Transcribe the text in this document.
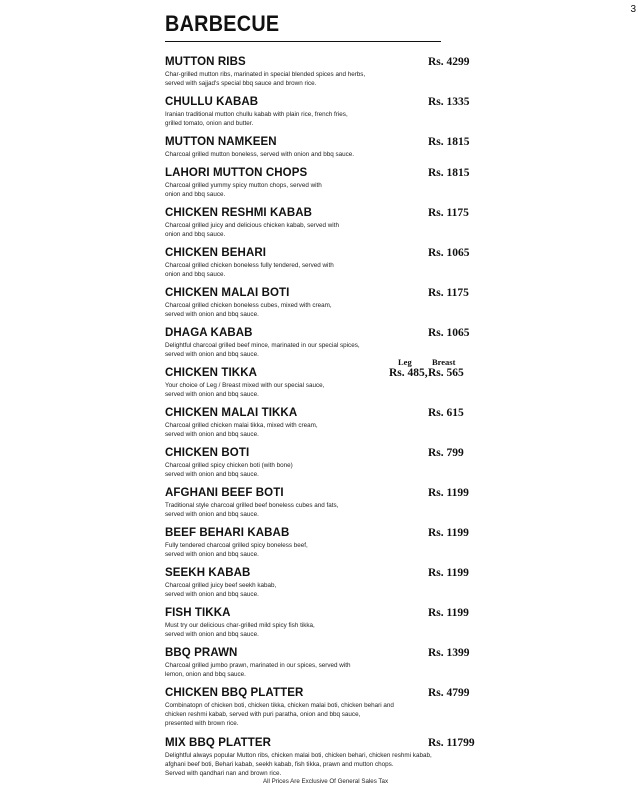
3
BARBECUE
Leg Breast
MUTTON RIBS
Char-grilled mutton ribs, marinated in special blended spices and herbs,
served with sajjad's special bbq sauce and brown rice.
Rs. 4299
CHULLU KABAB
Iranian traditional mutton chullu kabab with plain rice, french fries,
grilled tomato, onion and butter.
Rs. 1335
MUTTON NAMKEEN
Charcoal grilled mutton boneless, served with onion and bbq sauce.
Rs. 1815
LAHORI MUTTON CHOPS
Charcoal grilled yummy spicy mutton chops, served with
onion and bbq sauce.
Rs. 1815
CHICKEN RESHMI KABAB
Charcoal grilled juicy and delicious chicken kabab, served with
onion and bbq sauce.
Rs. 1175
CHICKEN BEHARI
Charcoal grilled chicken boneless fully tendered, served with
onion and bbq sauce.
Rs. 1065
CHICKEN MALAI BOTI
Charcoal grilled chicken boneless cubes, mixed with cream,
served with onion and bbq sauce.
Rs. 1175
DHAGA KABAB
Delightful charcoal grilled beef mince, marinated in our special spices,
served with onion and bbq sauce.
Rs. 1065
CHICKEN TIKKA
Your choice of Leg / Breast mixed with our special sauce,
served with onion and bbq sauce.
Rs. 565
Rs. 485,
CHICKEN MALAI TIKKA
Charcoal grilled chicken malai tikka, mixed with cream,
served with onion and bbq sauce.
Rs. 615
CHICKEN BOTI
Charcoal grilled spicy chicken boti (with bone)
served with onion and bbq sauce.
Rs. 799
AFGHANI BEEF BOTI
Traditional style charcoal grilled beef boneless cubes and fats,
served with onion and bbq sauce.
Rs. 1199
BEEF BEHARI KABAB
Fully tendered charcoal grilled spicy boneless beef,
served with onion and bbq sauce.
Rs. 1199
SEEKH KABAB
Charcoal grilled juicy beef seekh kabab,
served with onion and bbq sauce.
Rs. 1199
FISH TIKKA
Must try our delicious char-grilled mild spicy fish tikka,
served with onion and bbq sauce.
Rs. 1199
BBQ PRAWN
Charcoal grilled jumbo prawn, marinated in our spices, served with
lemon, onion and bbq sauce.
Rs. 1399
CHICKEN BBQ PLATTER
Combinatopn of chicken boti, chicken tikka, chicken malai boti, chicken behari and
chicken reshmi kabab, served with puri paratha, onion and bbq sauce,
presented with brown rice.
Rs. 4799
MIX BBQ PLATTER
Delightful always popular Mutton ribs, chicken malai boti, chicken behari, chicken reshmi kabab,
afghani beef boti, Behari kabab, seekh kabab, fish tikka, prawn and mutton chops.
Served with qandhari nan and brown rice.
Rs. 11799
All Prices Are Exclusive Of General Sales Tax
